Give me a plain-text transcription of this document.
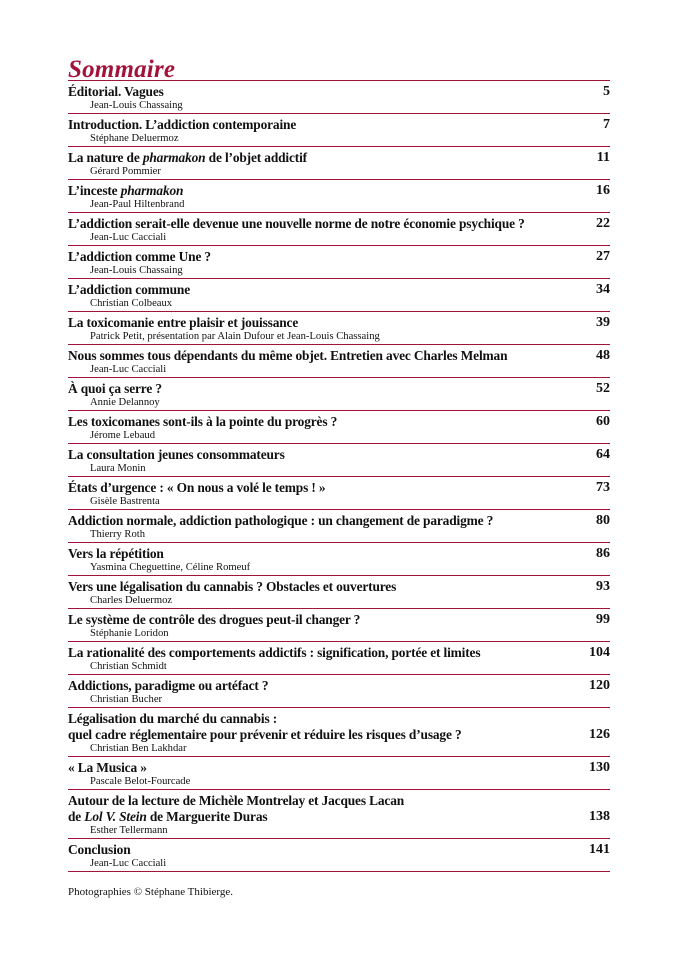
Sommaire
Éditorial. Vagues
Jean-Louis Chassaing
5
Introduction. L’addiction contemporaine
Stéphane Deluermoz
7
La nature de pharmakon de l’objet addictif
Gérard Pommier
11
L’inceste pharmakon
Jean-Paul Hiltenbrand
16
L’addiction serait-elle devenue une nouvelle norme de notre économie psychique ?
Jean-Luc Cacciali
22
L’addiction comme Une ?
Jean-Louis Chassaing
27
L’addiction commune
Christian Colbeaux
34
La toxicomanie entre plaisir et jouissance
Patrick Petit, présentation par Alain Dufour et Jean-Louis Chassaing
39
Nous sommes tous dépendants du même objet. Entretien avec Charles Melman
Jean-Luc Cacciali
48
À quoi ça serre ?
Annie Delannoy
52
Les toxicomanes sont-ils à la pointe du progrès ?
Jérome Lebaud
60
La consultation jeunes consommateurs
Laura Monin
64
États d’urgence : « On nous a volé le temps ! »
Gisèle Bastrenta
73
Addiction normale, addiction pathologique : un changement de paradigme ?
Thierry Roth
80
Vers la répétition
Yasmina Cheguettine, Céline Romeuf
86
Vers une légalisation du cannabis ? Obstacles et ouvertures
Charles Deluermoz
93
Le système de contrôle des drogues peut-il changer ?
Stéphanie Loridon
99
La rationalité des comportements addictifs : signification, portée et limites
Christian Schmidt
104
Addictions, paradigme ou artéfact ?
Christian Bucher
120
Légalisation du marché du cannabis :
quel cadre réglementaire pour prévenir et réduire les risques d’usage ?
Christian Ben Lakhdar
126
« La Musica »
Pascale Belot-Fourcade
130
Autour de la lecture de Michèle Montrelay et Jacques Lacan
de Lol V. Stein de Marguerite Duras
Esther Tellermann
138
Conclusion
Jean-Luc Cacciali
141
Photographies © Stéphane Thibierge.
